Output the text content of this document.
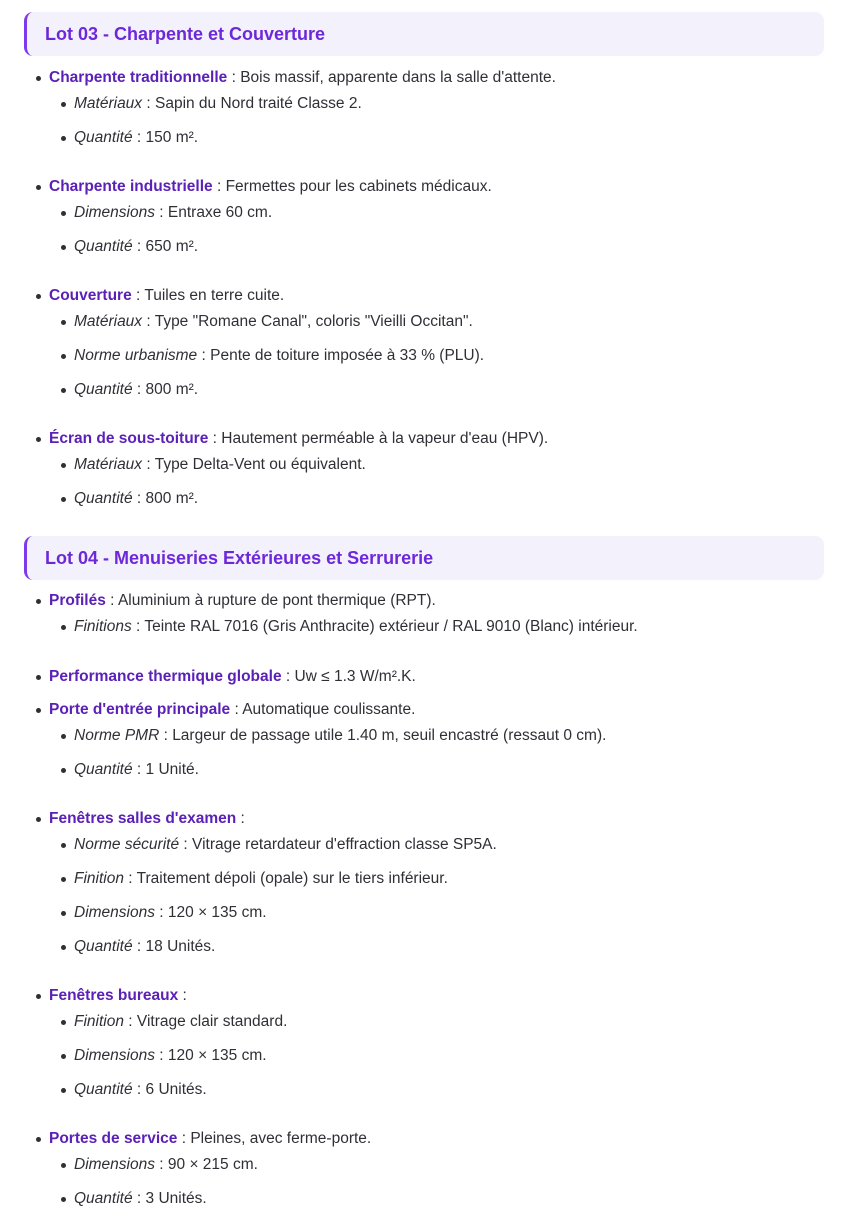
Lot 03 - Charpente et Couverture
Charpente traditionnelle : Bois massif, apparente dans la salle d'attente.
Matériaux : Sapin du Nord traité Classe 2.
Quantité : 150 m².
Charpente industrielle : Fermettes pour les cabinets médicaux.
Dimensions : Entraxe 60 cm.
Quantité : 650 m².
Couverture : Tuiles en terre cuite.
Matériaux : Type "Romane Canal", coloris "Vieilli Occitan".
Norme urbanisme : Pente de toiture imposée à 33 % (PLU).
Quantité : 800 m².
Écran de sous-toiture : Hautement perméable à la vapeur d'eau (HPV).
Matériaux : Type Delta-Vent ou équivalent.
Quantité : 800 m².
Lot 04 - Menuiseries Extérieures et Serrurerie
Profilés : Aluminium à rupture de pont thermique (RPT).
Finitions : Teinte RAL 7016 (Gris Anthracite) extérieur / RAL 9010 (Blanc) intérieur.
Performance thermique globale : Uw ≤ 1.3 W/m².K.
Porte d'entrée principale : Automatique coulissante.
Norme PMR : Largeur de passage utile 1.40 m, seuil encastré (ressaut 0 cm).
Quantité : 1 Unité.
Fenêtres salles d'examen :
Norme sécurité : Vitrage retardateur d'effraction classe SP5A.
Finition : Traitement dépoli (opale) sur le tiers inférieur.
Dimensions : 120 × 135 cm.
Quantité : 18 Unités.
Fenêtres bureaux :
Finition : Vitrage clair standard.
Dimensions : 120 × 135 cm.
Quantité : 6 Unités.
Portes de service : Pleines, avec ferme-porte.
Dimensions : 90 × 215 cm.
Quantité : 3 Unités.
